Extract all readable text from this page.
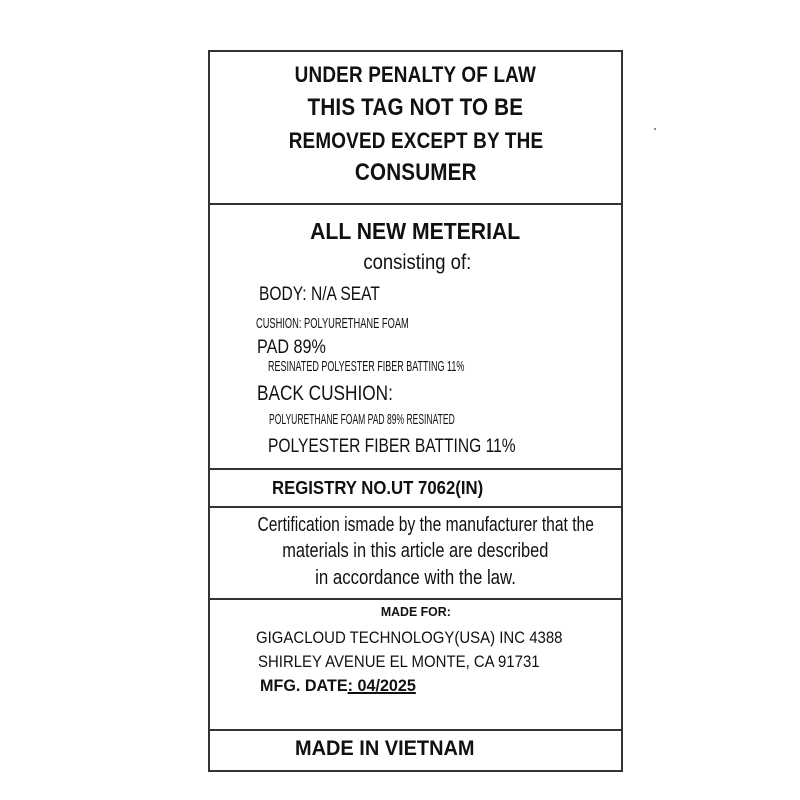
UNDER PENALTY OF LAW
THIS TAG NOT TO BE
REMOVED EXCEPT BY THE
CONSUMER
ALL NEW METERIAL
consisting of:
BODY: N/A SEAT
CUSHION: POLYURETHANE FOAM
PAD 89%
RESINATED POLYESTER FIBER BATTING 11%
BACK CUSHION:
POLYURETHANE FOAM PAD 89% RESINATED
POLYESTER FIBER BATTING 11%
REGISTRY NO.UT 7062(IN)
Certification ismade by the manufacturer that the
materials in this article are described
in accordance with the law.
MADE FOR:
GIGACLOUD TECHNOLOGY(USA) INC 4388
SHIRLEY AVENUE EL MONTE, CA 91731
MFG. DATE: 04/2025
MADE IN VIETNAM
